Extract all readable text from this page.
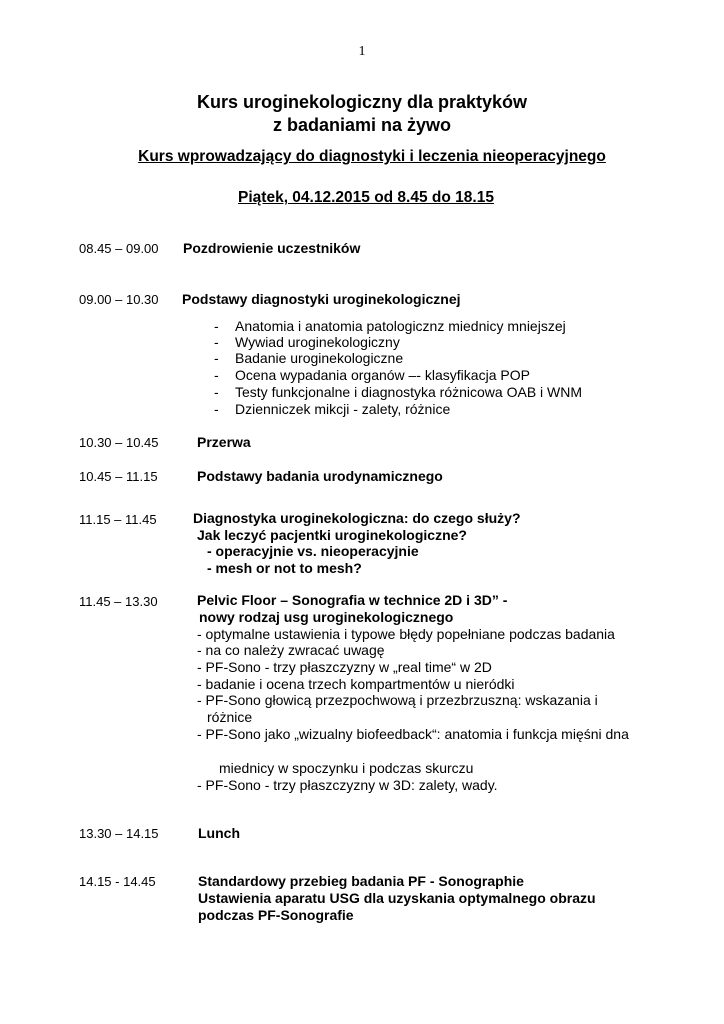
1
Kurs uroginekologiczny dla praktyków
z badaniami na żywo
Kurs wprowadzający do diagnostyki i leczenia nieoperacyjnego
Piątek, 04.12.2015 od 8.45 do 18.15
08.45 – 09.00 Pozdrowienie uczestników
09.00 – 10.30 Podstawy diagnostyki uroginekologicznej
- Anatomia i anatomia patologicznz miednicy mniejszej
- Wywiad uroginekologiczny
- Badanie uroginekologiczne
- Ocena wypadania organów –- klasyfikacja POP
- Testy funkcjonalne i diagnostyka różnicowa OAB i WNM
- Dzienniczek mikcji - zalety, różnice
10.30 – 10.45	Przerwa
10.45 – 11.15	Podstawy badania urodynamicznego
11.15 – 11.45	Diagnostyka uroginekologiczna: do czego służy?
Jak leczyć pacjentki uroginekologiczne?
- operacyjnie vs. nieoperacyjnie
- mesh or not to mesh?
11.45 – 13.30	Pelvic Floor – Sonografia w technice 2D i 3D” -
nowy rodzaj usg uroginekologicznego
- optymalne ustawienia i typowe błędy popełniane podczas badania
- na co należy zwracać uwagę
- PF-Sono - trzy płaszczyzny w „real time“ w 2D
- badanie i ocena trzech kompartmentów u nieródki
- PF-Sono głowicą przezpochwową i przezbrzuszną: wskazania i
różnice
- PF-Sono jako „wizualny biofeedback“: anatomia i funkcja mięśni dna
miednicy w spoczynku i podczas skurczu
- PF-Sono - trzy płaszczyzny w 3D: zalety, wady.
13.30 – 14.15	Lunch
14.15 - 14.45	Standardowy przebieg badania PF - Sonographie
Ustawienia aparatu USG dla uzyskania optymalnego obrazu
podczas PF-Sonografie
